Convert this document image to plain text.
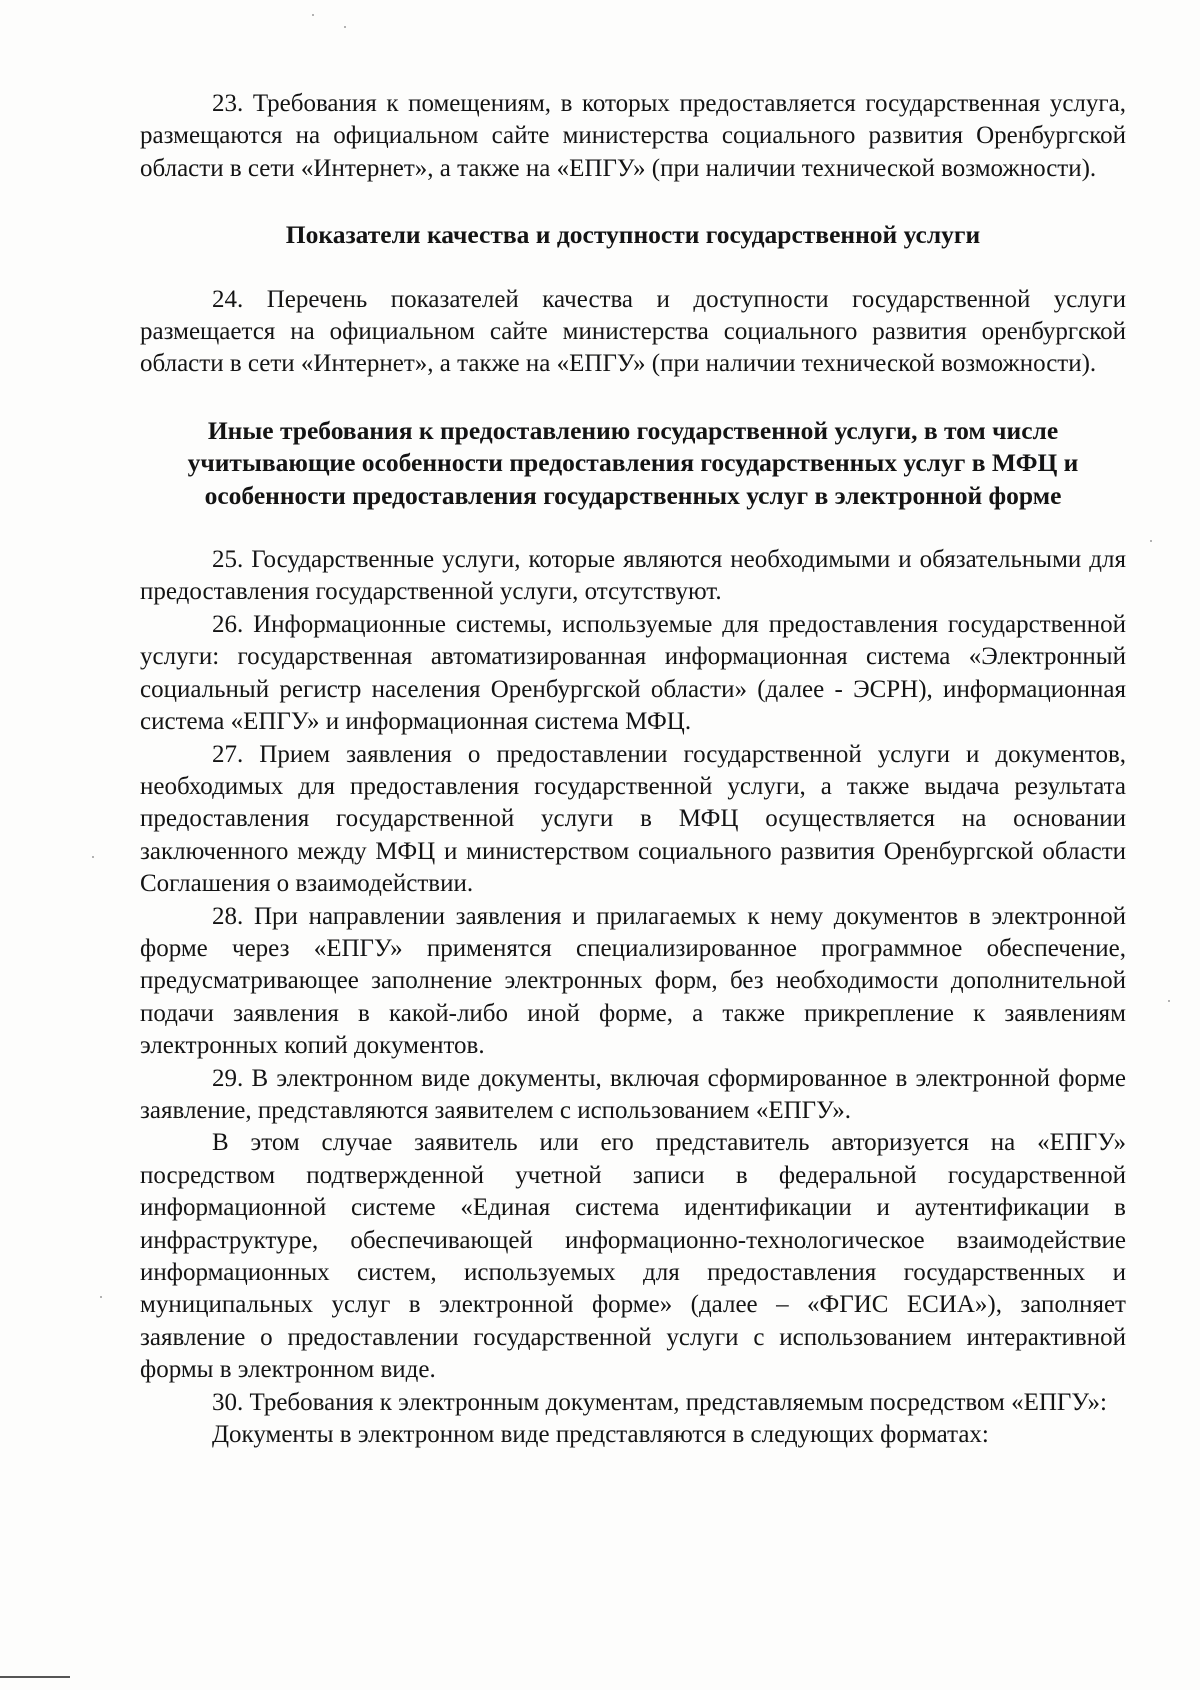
23. Требования к помещениям, в которых предоставляется государственная услуга, размещаются на официальном сайте министерства социального развития Оренбургской области в сети «Интернет», а также на «ЕПГУ» (при наличии технической возможности).

Показатели качества и доступности государственной услуги

24. Перечень показателей качества и доступности государственной услуги размещается на официальном сайте министерства социального развития оренбургской области в сети «Интернет», а также на «ЕПГУ» (при наличии технической возможности).

Иные требования к предоставлению государственной услуги, в том числе учитывающие особенности предоставления государственных услуг в МФЦ и особенности предоставления государственных услуг в электронной форме

25. Государственные услуги, которые являются необходимыми и обязательными для предоставления государственной услуги, отсутствуют.

26. Информационные системы, используемые для предоставления государственной услуги: государственная автоматизированная информационная система «Электронный социальный регистр населения Оренбургской области» (далее - ЭСРН), информационная система «ЕПГУ» и информационная система МФЦ.

27. Прием заявления о предоставлении государственной услуги и документов, необходимых для предоставления государственной услуги, а также выдача результата предоставления государственной услуги в МФЦ осуществляется на основании заключенного между МФЦ и министерством социального развития Оренбургской области Соглашения о взаимодействии.

28. При направлении заявления и прилагаемых к нему документов в электронной форме через «ЕПГУ» применятся специализированное программное обеспечение, предусматривающее заполнение электронных форм, без необходимости дополнительной подачи заявления в какой-либо иной форме, а также прикрепление к заявлениям электронных копий документов.

29. В электронном виде документы, включая сформированное в электронной форме заявление, представляются заявителем с использованием «ЕПГУ».

В этом случае заявитель или его представитель авторизуется на «ЕПГУ» посредством подтвержденной учетной записи в федеральной государственной информационной системе «Единая система идентификации и аутентификации в инфраструктуре, обеспечивающей информационно-технологическое взаимодействие информационных систем, используемых для предоставления государственных и муниципальных услуг в электронной форме» (далее – «ФГИС ЕСИА»), заполняет заявление о предоставлении государственной услуги с использованием интерактивной формы в электронном виде.

30. Требования к электронным документам, представляемым посредством «ЕПГУ»:

Документы в электронном виде представляются в следующих форматах:
